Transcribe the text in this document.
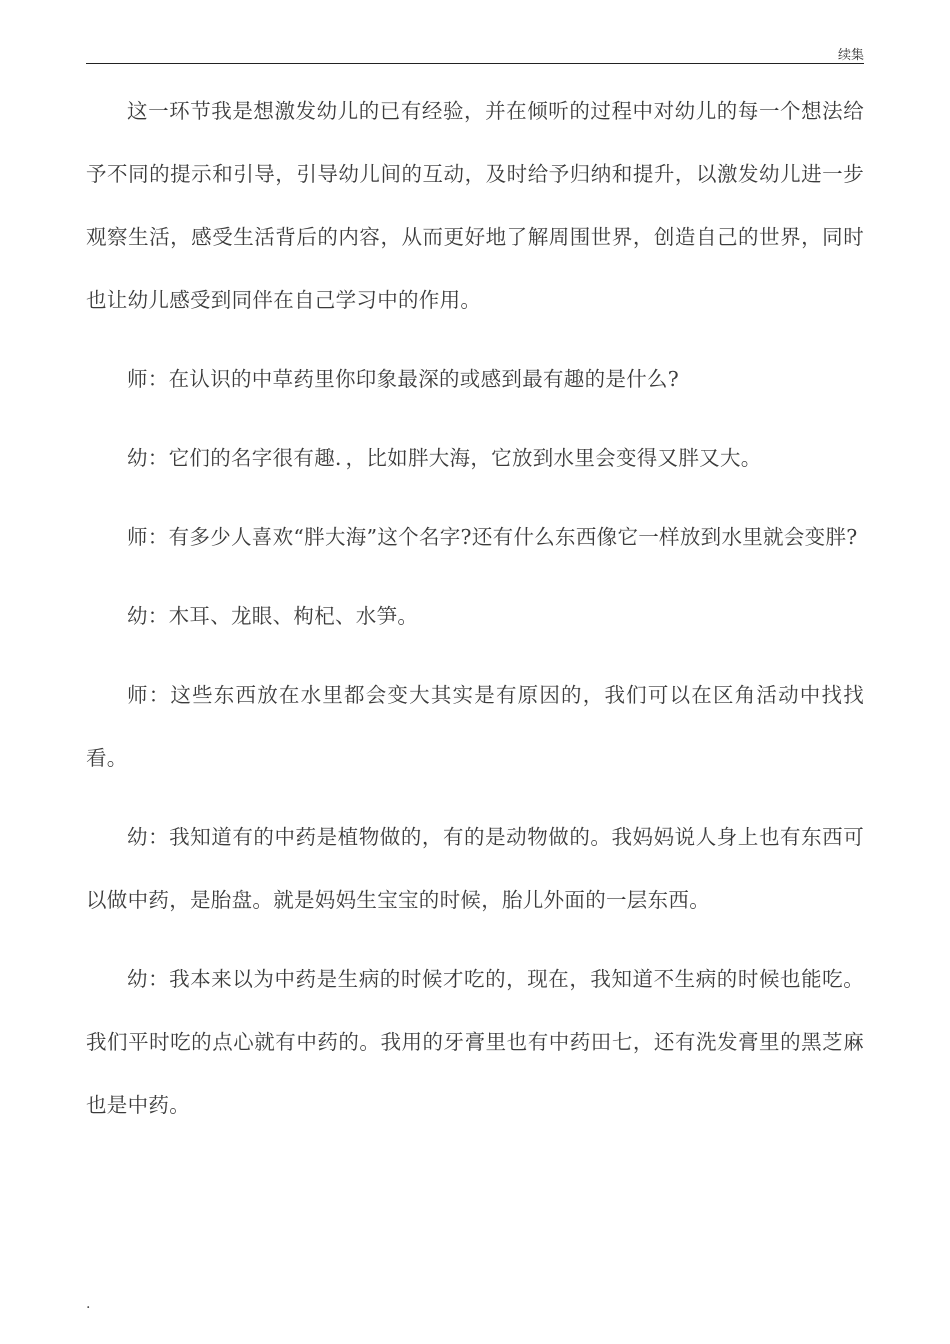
续集

这一环节我是想激发幼儿的已有经验，并在倾听的过程中对幼儿的每一个想法给予不同的提示和引导，引导幼儿间的互动，及时给予归纳和提升，以激发幼儿进一步观察生活，感受生活背后的内容，从而更好地了解周围世界，创造自己的世界，同时也让幼儿感受到同伴在自己学习中的作用。

师：在认识的中草药里你印象最深的或感到最有趣的是什么?

幼：它们的名字很有趣．，比如胖大海，它放到水里会变得又胖又大。

师：有多少人喜欢“胖大海”这个名字?还有什么东西像它一样放到水里就会变胖?

幼：木耳、龙眼、枸杞、水笋。

师：这些东西放在水里都会变大其实是有原因的，我们可以在区角活动中找找看。

幼：我知道有的中药是植物做的，有的是动物做的。我妈妈说人身上也有东西可以做中药，是胎盘。就是妈妈生宝宝的时候，胎儿外面的一层东西。

幼：我本来以为中药是生病的时候才吃的，现在，我知道不生病的时候也能吃。我们平时吃的点心就有中药的。我用的牙膏里也有中药田七，还有洗发膏里的黑芝麻也是中药。

.
